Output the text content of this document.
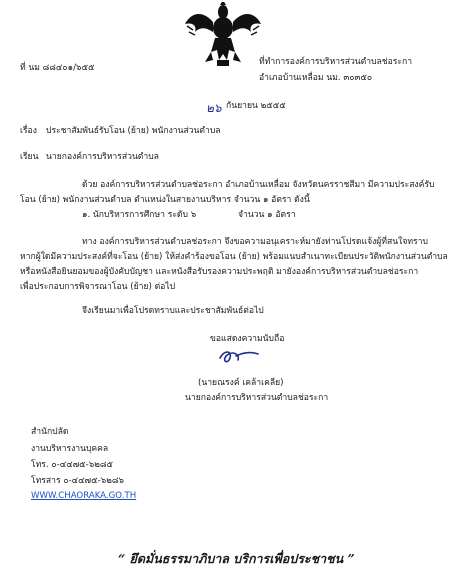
ที่ นม ๘๘๔๐๑/๖๕๕
ที่ทำการองค์การบริหารส่วนตำบลช่อระกา
อำเภอบ้านเหลื่อม นม. ๓๐๓๕๐
๒๖ กันยายน ๒๕๕๕
เรื่อง ประชาสัมพันธ์รับโอน (ย้าย) พนักงานส่วนตำบล
เรียน นายกองค์การบริหารส่วนตำบล
ด้วย องค์การบริหารส่วนตำบลช่อระกา อำเภอบ้านเหลื่อม จังหวัดนครราชสีมา มีความประสงค์รับ
โอน (ย้าย) พนักงานส่วนตำบล ตำแหน่งในสายงานบริหาร จำนวน ๑ อัตรา ดังนี้
๑. นักบริหารการศึกษา ระดับ ๖	จำนวน ๑ อัตรา
ทาง องค์การบริหารส่วนตำบลช่อระกา จึงขอความอนุเคราะห์มายังท่านโปรดแจ้งผู้ที่สนใจทราบ
หากผู้ใดมีความประสงค์ที่จะโอน (ย้าย) ให้ส่งคำร้องขอโอน (ย้าย) พร้อมแนบสำเนาทะเบียนประวัติพนักงานส่วนตำบล
หรือหนังสือยินยอมของผู้บังคับบัญชา และหนังสือรับรองความประพฤติ มายังองค์การบริหารส่วนตำบลช่อระกา
เพื่อประกอบการพิจารณาโอน (ย้าย) ต่อไป
จึงเรียนมาเพื่อโปรดทราบและประชาสัมพันธ์ต่อไป
ขอแสดงความนับถือ
(นายณรงค์ เคล้าเคลีย)
นายกองค์การบริหารส่วนตำบลช่อระกา
สำนักปลัด
งานบริหารงานบุคคล
โทร. ๐-๔๔๗๕-๖๒๘๕
โทรสาร ๐-๔๔๗๕-๖๒๘๖
WWW.CHAORAKA.GO.TH
“ ยึดมั่นธรรมาภิบาล บริการเพื่อประชาชน ”
